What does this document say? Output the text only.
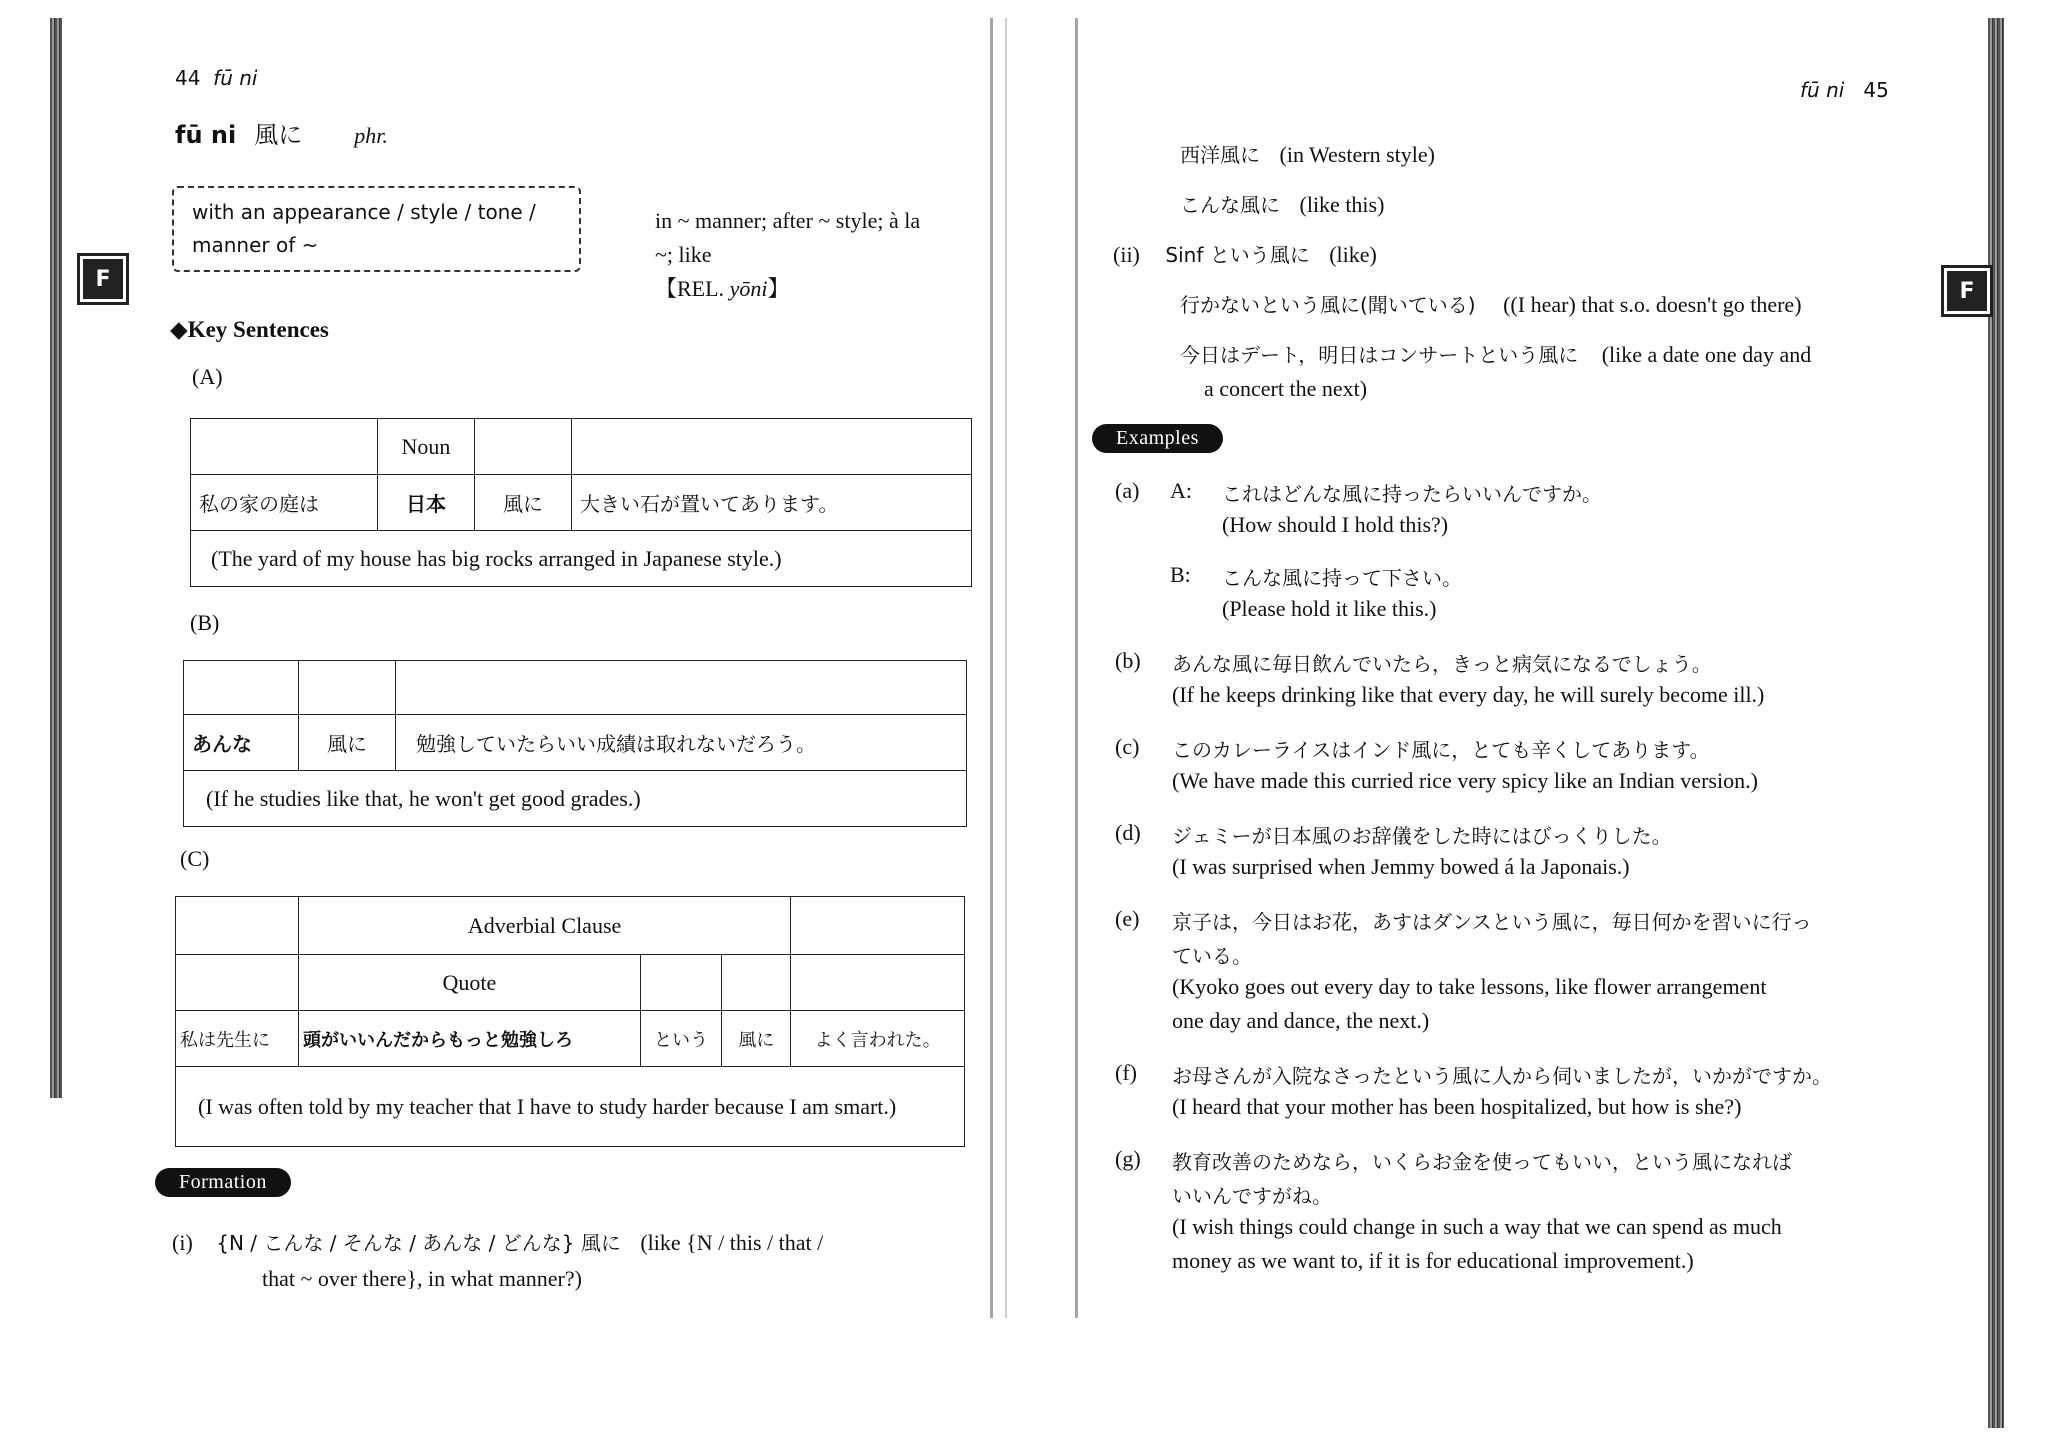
44 fū ni
fū ni 風に phr.
with an appearance / style / tone / manner of ~
in ~ manner; after ~ style; à la
~; like
【REL. yōni】
F
◆Key Sentences
(A)
	Noun		
私の家の庭は	日本	風に	大きい石が置いてあります。
(The yard of my house has big rocks arranged in Japanese style.)			
(B)

あんな	風に	勉強していたらいい成績は取れないだろう。
(If he studies like that, he won't get good grades.)		
(C)
	Adverbial Clause			
	Quote			
私は先生に	頭がいいんだからもっと勉強しろ	という	風に	よく言われた。
(I was often told by my teacher that I have to study harder because I am smart.)				
Formation
(i) {N / こんな / そんな / あんな / どんな} 風に (like {N / this / that /
that ~ over there}, in what manner?)
fū ni 45
F
西洋風に (in Western style)
こんな風に (like this)
(ii) Sinf という風に (like)
行かないという風に(聞いている) ((I hear) that s.o. doesn't go there)
今日はデート，明日はコンサートという風に (like a date one day and
a concert the next)
Examples
(a) A: これはどんな風に持ったらいいんですか。
(How should I hold this?)
B: こんな風に持って下さい。
(Please hold it like this.)
(b) あんな風に毎日飲んでいたら，きっと病気になるでしょう。
(If he keeps drinking like that every day, he will surely become ill.)
(c) このカレーライスはインド風に，とても辛くしてあります。
(We have made this curried rice very spicy like an Indian version.)
(d) ジェミーが日本風のお辞儀をした時にはびっくりした。
(I was surprised when Jemmy bowed á la Japonais.)
(e) 京子は，今日はお花，あすはダンスという風に，毎日何かを習いに行っ
ている。
(Kyoko goes out every day to take lessons, like flower arrangement
one day and dance, the next.)
(f) お母さんが入院なさったという風に人から伺いましたが，いかがですか。
(I heard that your mother has been hospitalized, but how is she?)
(g) 教育改善のためなら，いくらお金を使ってもいい，という風になれば
いいんですがね。
(I wish things could change in such a way that we can spend as much
money as we want to, if it is for educational improvement.)
